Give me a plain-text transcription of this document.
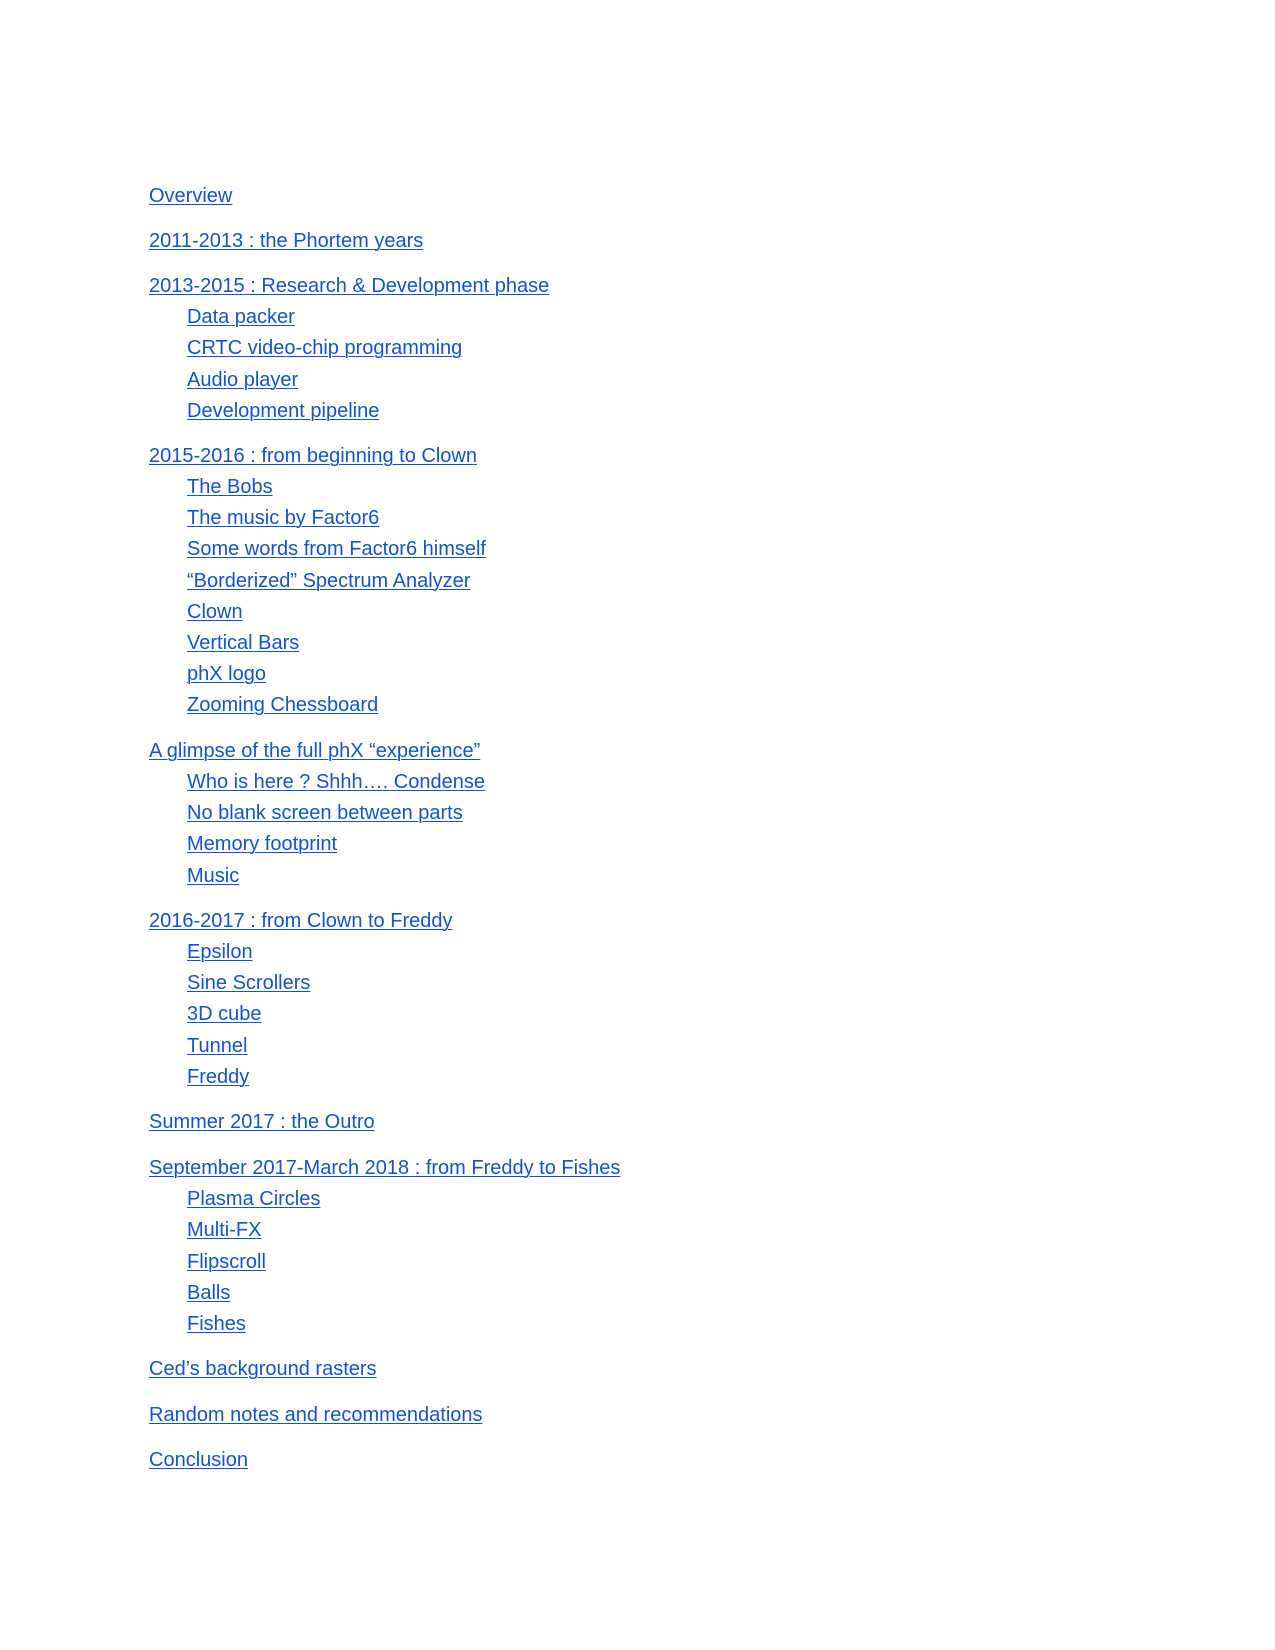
Overview
2011-2013 : the Phortem years
2013-2015 : Research & Development phase
Data packer
CRTC video-chip programming
Audio player
Development pipeline
2015-2016 : from beginning to Clown
The Bobs
The music by Factor6
Some words from Factor6 himself
“Borderized” Spectrum Analyzer
Clown
Vertical Bars
phX logo
Zooming Chessboard
A glimpse of the full phX “experience”
Who is here ? Shhh…. Condense
No blank screen between parts
Memory footprint
Music
2016-2017 : from Clown to Freddy
Epsilon
Sine Scrollers
3D cube
Tunnel
Freddy
Summer 2017 : the Outro
September 2017-March 2018 : from Freddy to Fishes
Plasma Circles
Multi-FX
Flipscroll
Balls
Fishes
Ced’s background rasters
Random notes and recommendations
Conclusion
